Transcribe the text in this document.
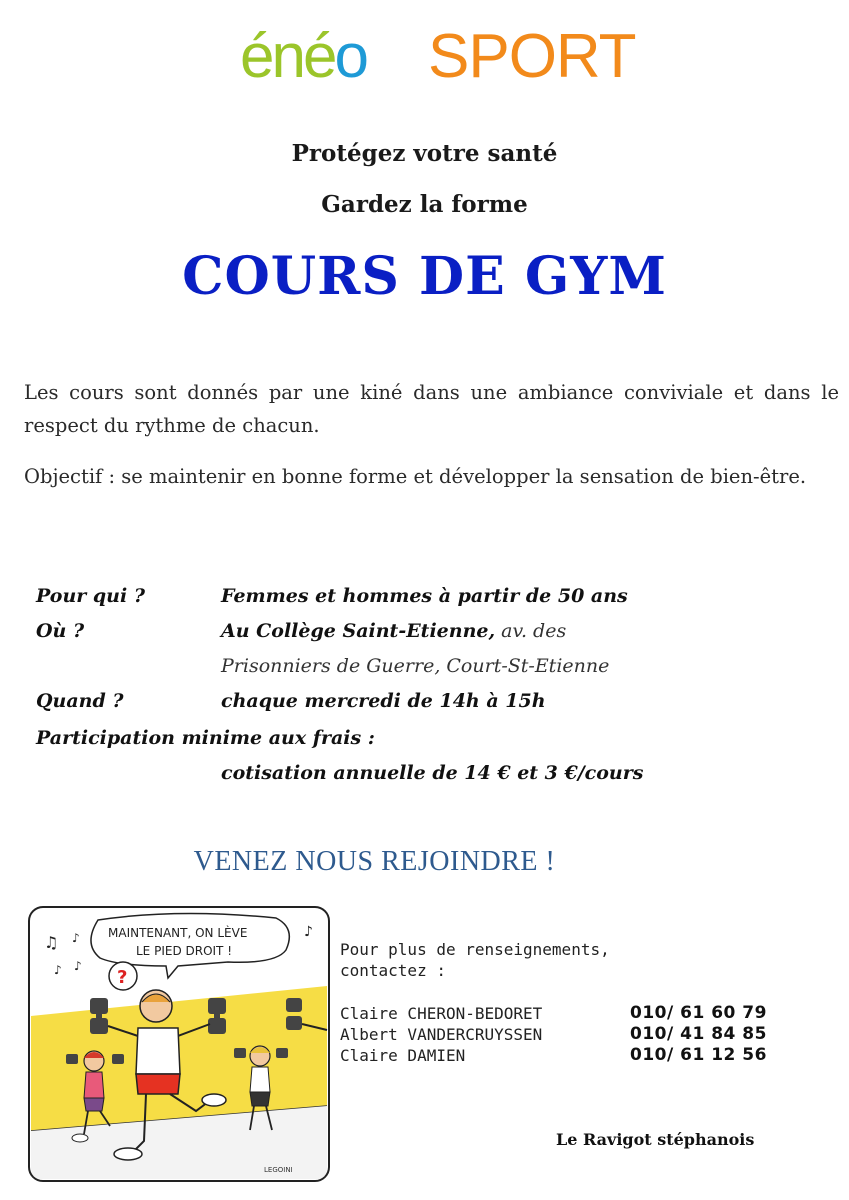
énéo SPORT
Protégez votre santé
Gardez la forme
COURS DE GYM
Les cours sont donnés par une kiné dans une ambiance conviviale et dans le respect du rythme de chacun.
Objectif : se maintenir en bonne forme et développer la sensation de bien-être.
Pour qui ?	Femmes et hommes à partir de 50 ans
Où ?	Au Collège Saint-Etienne, av. des
Prisonniers de Guerre, Court-St-Etienne
Quand ?	chaque mercredi de 14h à 15h
Participation minime aux frais :
cotisation annuelle de 14 € et 3 €/cours
VENEZ NOUS REJOINDRE !
MAINTENANT, ON LÈVE
LE PIED DROIT !
♫ ♪
♪ ♪
♪
?
LEGOINI
Pour plus de renseignements,
contactez :
Claire CHERON-BEDORET	010/ 61 60 79
Albert VANDERCRUYSSEN	010/ 41 84 85
Claire DAMIEN	010/ 61 12 56
Le Ravigot stéphanois
